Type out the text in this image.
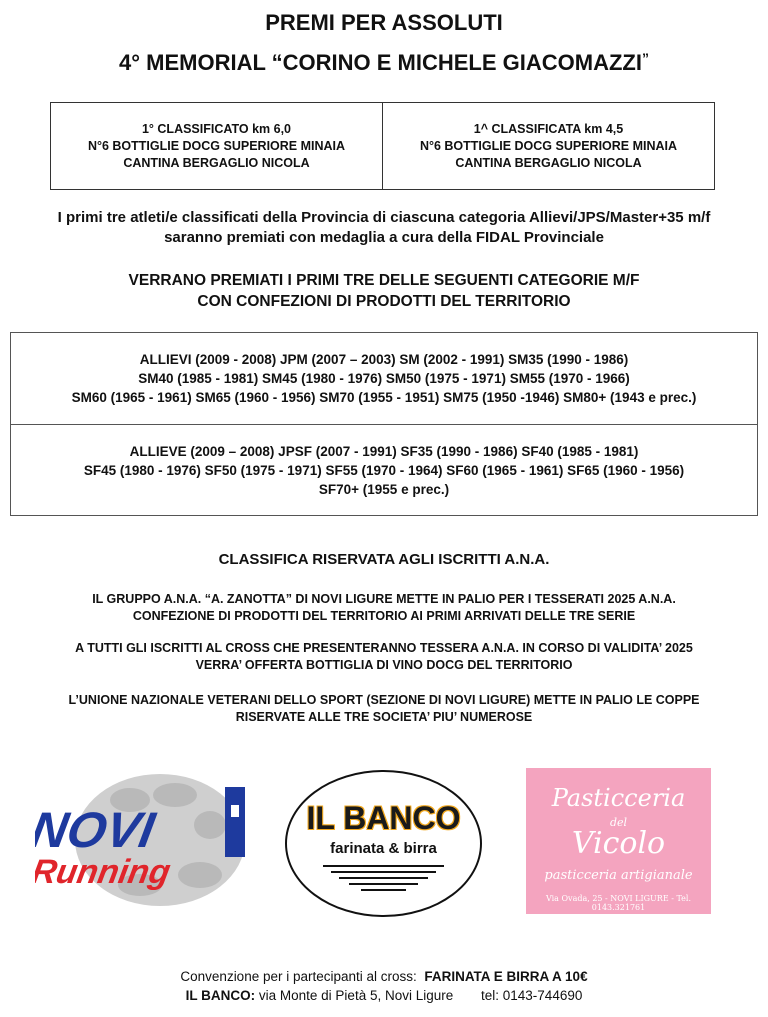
PREMI PER ASSOLUTI
4° MEMORIAL “CORINO E MICHELE GIACOMAZZI”
1° CLASSIFICATO km 6,0
N°6 BOTTIGLIE DOCG SUPERIORE MINAIA
CANTINA BERGAGLIO NICOLA
1^ CLASSIFICATA km 4,5
N°6 BOTTIGLIE DOCG SUPERIORE MINAIA
CANTINA BERGAGLIO NICOLA
I primi tre atleti/e classificati della Provincia di ciascuna categoria Allievi/JPS/Master+35 m/f
saranno premiati con medaglia a cura della FIDAL Provinciale
VERRANO PREMIATI I PRIMI TRE DELLE SEGUENTI CATEGORIE M/F
CON CONFEZIONI DI PRODOTTI DEL TERRITORIO
ALLIEVI (2009 - 2008) JPM (2007 – 2003) SM (2002 - 1991) SM35 (1990 - 1986)
SM40 (1985 - 1981) SM45 (1980 - 1976) SM50 (1975 - 1971) SM55 (1970 - 1966)
SM60 (1965 - 1961) SM65 (1960 - 1956) SM70 (1955 - 1951) SM75 (1950 -1946) SM80+ (1943 e prec.)
ALLIEVE (2009 – 2008) JPSF (2007 - 1991) SF35 (1990 - 1986) SF40 (1985 - 1981)
SF45 (1980 - 1976) SF50 (1975 - 1971) SF55 (1970 - 1964) SF60 (1965 - 1961) SF65 (1960 - 1956)
SF70+ (1955 e prec.)
CLASSIFICA RISERVATA AGLI ISCRITTI A.N.A.
IL GRUPPO A.N.A. “A. ZANOTTA” DI NOVI LIGURE METTE IN PALIO PER I TESSERATI 2025 A.N.A.
CONFEZIONE DI PRODOTTI DEL TERRITORIO AI PRIMI ARRIVATI DELLE TRE SERIE
A TUTTI GLI ISCRITTI AL CROSS CHE PRESENTERANNO TESSERA A.N.A. IN CORSO DI VALIDITA’ 2025
VERRA’ OFFERTA BOTTIGLIA DI VINO DOCG DEL TERRITORIO
L’UNIONE NAZIONALE VETERANI DELLO SPORT (SEZIONE DI NOVI LIGURE) METTE IN PALIO LE COPPE
RISERVATE ALLE TRE SOCIETA’ PIU’ NUMEROSE
NOVI
Running
IL BANCO
farinata & birra
Pasticceria
del
Vicolo
pasticceria artigianale
Via Ovada, 25 - NOVI LIGURE - Tel. 0143.321761
Convenzione per i partecipanti al cross: FARINATA E BIRRA A 10€
IL BANCO: via Monte di Pietà 5, Novi Ligure tel: 0143-744690
